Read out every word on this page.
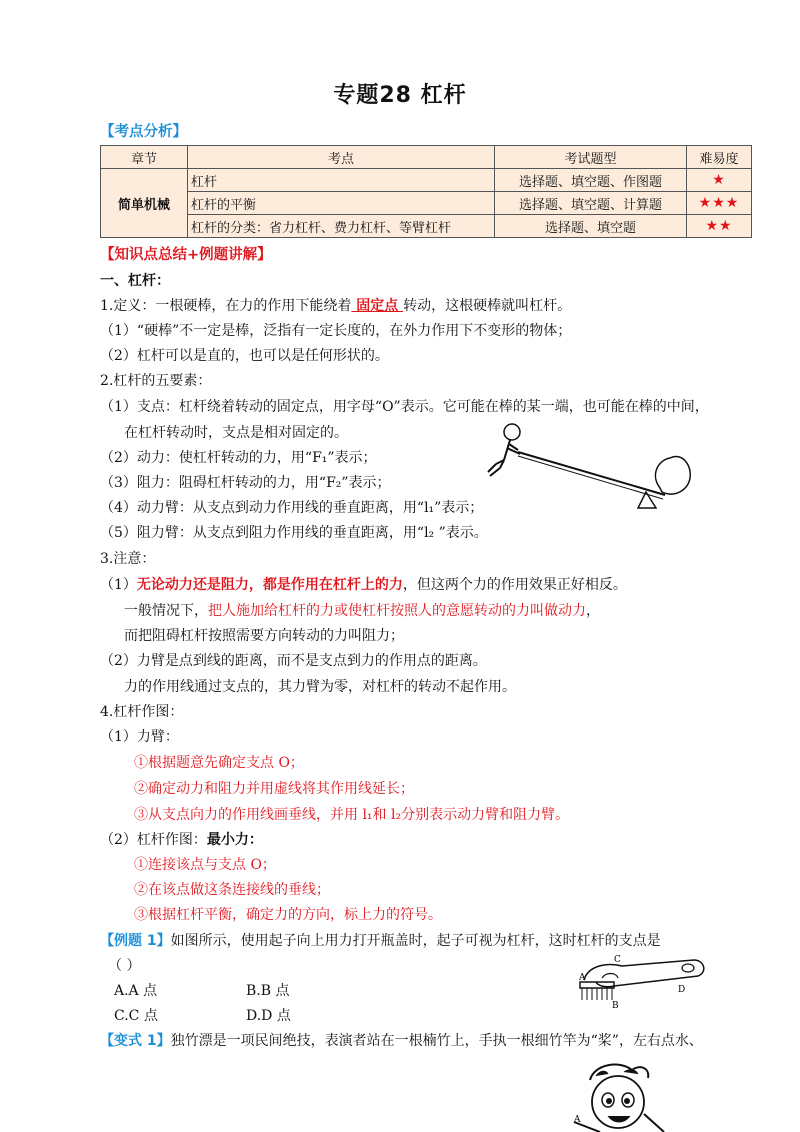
专题28 杠杆
【考点分析】
章节	考点	考试题型	难易度
简单机械	杠杆	选择题、填空题、作图题	★
	杠杆的平衡	选择题、填空题、计算题	★★★
	杠杆的分类：省力杠杆、费力杠杆、等臂杠杆	选择题、填空题	★★
【知识点总结+例题讲解】
一、杠杆：
1.定义：一根硬棒，在力的作用下能绕着 固定点 转动，这根硬棒就叫杠杆。
（1）“硬棒”不一定是棒，泛指有一定长度的，在外力作用下不变形的物体；
（2）杠杆可以是直的，也可以是任何形状的。
2.杠杆的五要素：
（1）支点：杠杆绕着转动的固定点，用字母“O”表示。它可能在棒的某一端，也可能在棒的中间，
在杠杆转动时，支点是相对固定的。
（2）动力：使杠杆转动的力，用“F₁”表示；
（3）阻力：阻碍杠杆转动的力，用“F₂”表示；
（4）动力臂：从支点到动力作用线的垂直距离，用“l₁”表示；
（5）阻力臂：从支点到阻力作用线的垂直距离，用“l₂ ”表示。
3.注意：
（1）无论动力还是阻力，都是作用在杠杆上的力，但这两个力的作用效果正好相反。
一般情况下，把人施加给杠杆的力或使杠杆按照人的意愿转动的力叫做动力，
而把阻碍杠杆按照需要方向转动的力叫阻力；
（2）力臂是点到线的距离，而不是支点到力的作用点的距离。
力的作用线通过支点的，其力臂为零，对杠杆的转动不起作用。
4.杠杆作图：
（1）力臂：
①根据题意先确定支点 O；
②确定动力和阻力并用虚线将其作用线延长；
③从支点向力的作用线画垂线，并用 l₁和 l₂分别表示动力臂和阻力臂。
（2）杠杆作图：最小力：
①连接该点与支点 O；
②在该点做这条连接线的垂线；
③根据杠杆平衡，确定力的方向，标上力的符号。
【例题 1】如图所示，使用起子向上用力打开瓶盖时，起子可视为杠杆，这时杠杆的支点是
（ ）
A.A 点	B.B 点
C.C 点	D.D 点
A
B
C
D
【变式 1】独竹漂是一项民间绝技，表演者站在一根楠竹上，手执一根细竹竿为“桨”，左右点水、
A
